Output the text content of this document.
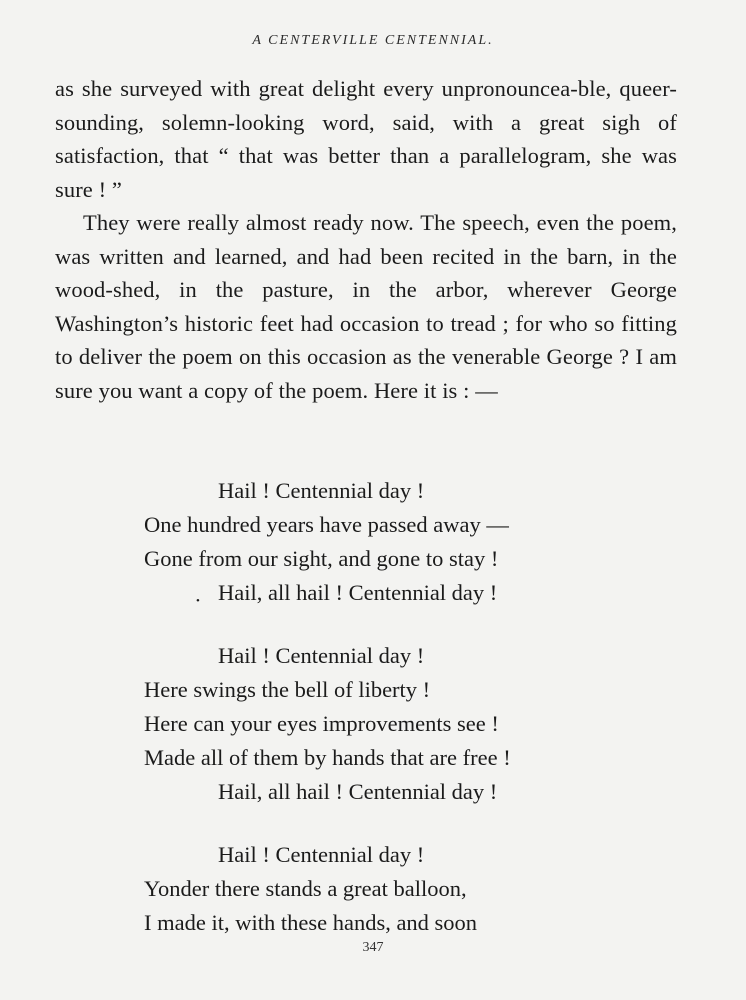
A CENTERVILLE CENTENNIAL.

as she surveyed with great delight every unpronouncea-ble, queer-sounding, solemn-looking word, said, with a great sigh of satisfaction, that “ that was better than a parallelogram, she was sure ! ”

They were really almost ready now. The speech, even the poem, was written and learned, and had been recited in the barn, in the wood-shed, in the pasture, in the arbor, wherever George Washington’s historic feet had occasion to tread ; for who so fitting to deliver the poem on this occasion as the venerable George ? I am sure you want a copy of the poem. Here it is : —

Hail ! Centennial day !
One hundred years have passed away —
Gone from our sight, and gone to stay !
• Hail, all hail ! Centennial day !
Hail ! Centennial day !
Here swings the bell of liberty !
Here can your eyes improvements see !
Made all of them by hands that are free !
Hail, all hail ! Centennial day !
Hail ! Centennial day !
Yonder there stands a great balloon,
I made it, with these hands, and soon
347
